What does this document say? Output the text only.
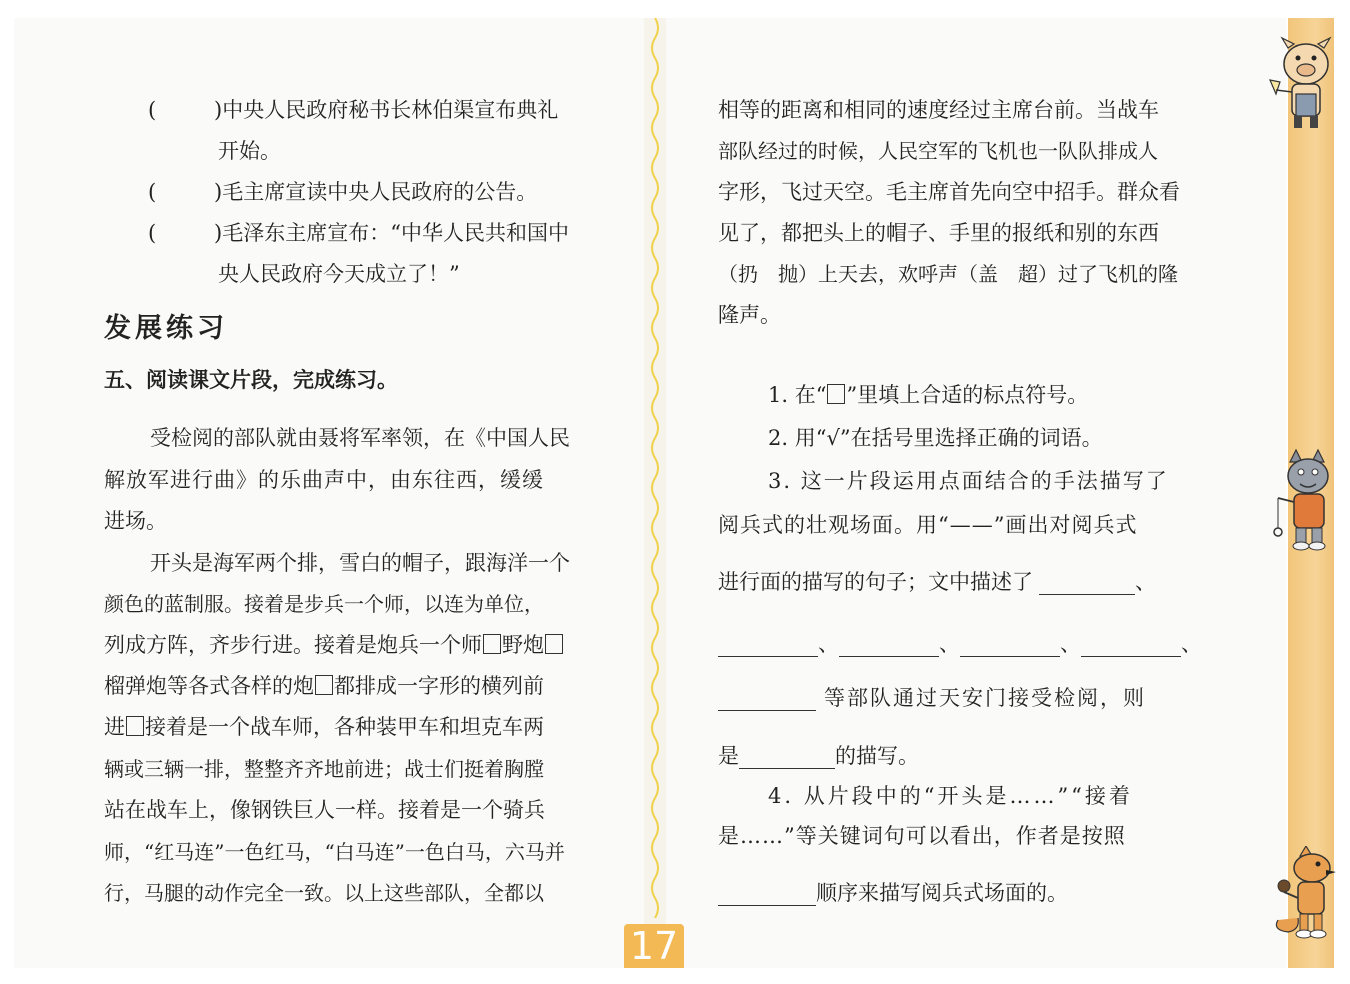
(	)中央人民政府秘书长林伯渠宣布典礼
开始。
(	)毛主席宣读中央人民政府的公告。
(	)毛泽东主席宣布：“中华人民共和国中
央人民政府今天成立了！”
发展练习
五、阅读课文片段，完成练习。
受检阅的部队就由聂将军率领，在《中国人民
解放军进行曲》的乐曲声中，由东往西，缓缓
进场。
开头是海军两个排，雪白的帽子，跟海洋一个
颜色的蓝制服。接着是步兵一个师，以连为单位，
列成方阵，齐步行进。接着是炮兵一个师 野炮
榴弹炮等各式各样的炮 都排成一字形的横列前
进 接着是一个战车师，各种装甲车和坦克车两
辆或三辆一排，整整齐齐地前进；战士们挺着胸膛
站在战车上，像钢铁巨人一样。接着是一个骑兵
师，“红马连”一色红马，“白马连”一色白马，六马并
行，马腿的动作完全一致。以上这些部队，全都以
相等的距离和相同的速度经过主席台前。当战车
部队经过的时候，人民空军的飞机也一队队排成人
字形，飞过天空。毛主席首先向空中招手。群众看
见了，都把头上的帽子、手里的报纸和别的东西
（扔　抛）上天去，欢呼声（盖　超）过了飞机的隆
隆声。
1. 在“ ”里填上合适的标点符号。
2. 用“√”在括号里选择正确的词语。
3. 这一片段运用点面结合的手法描写了
阅兵式的壮观场面。用“——”画出对阅兵式
进行面的描写的句子；文中描述了	、
、	、	、	、
等部队通过天安门接受检阅，则
是	的描写。
4. 从片段中的“开头是……”“接着
是……”等关键词句可以看出，作者是按照
顺序来描写阅兵式场面的。
17
